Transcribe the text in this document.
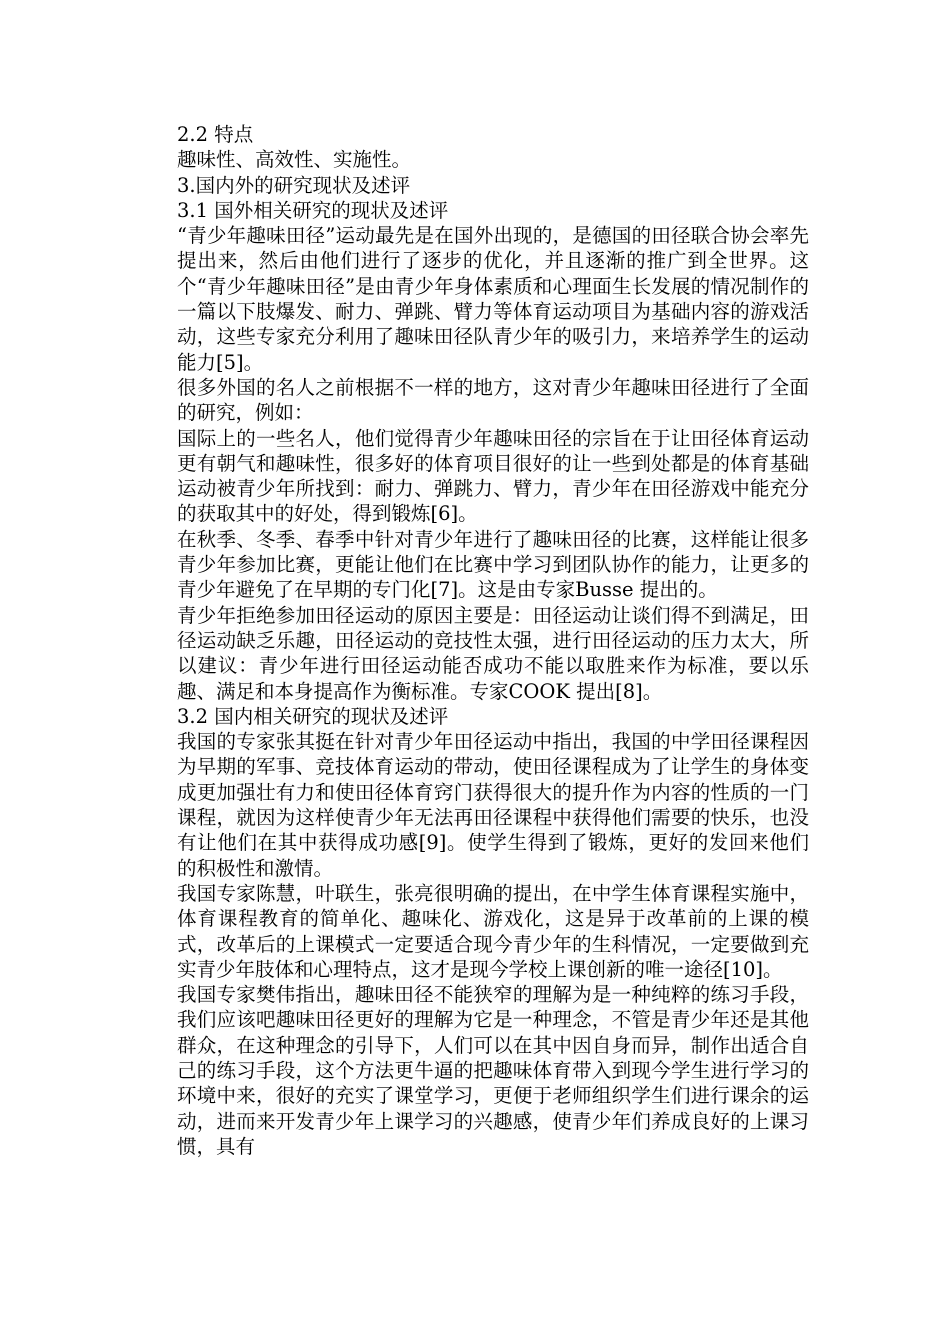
2.2 特点
趣味性、高效性、实施性。
3.国内外的研究现状及述评
3.1 国外相关研究的现状及述评
“青少年趣味田径”运动最先是在国外出现的，是德国的田径联合协会率先提出来，然后由他们进行了逐步的优化，并且逐渐的推广到全世界。这个“青少年趣味田径”是由青少年身体素质和心理面生长发展的情况制作的一篇以下肢爆发、耐力、弹跳、臂力等体育运动项目为基础内容的游戏活动，这些专家充分利用了趣味田径队青少年的吸引力，来培养学生的运动能力[5]。
很多外国的名人之前根据不一样的地方，这对青少年趣味田径进行了全面的研究，例如：
国际上的一些名人，他们觉得青少年趣味田径的宗旨在于让田径体育运动更有朝气和趣味性，很多好的体育项目很好的让一些到处都是的体育基础运动被青少年所找到：耐力、弹跳力、臂力，青少年在田径游戏中能充分的获取其中的好处，得到锻炼[6]。
在秋季、冬季、春季中针对青少年进行了趣味田径的比赛，这样能让很多青少年参加比赛，更能让他们在比赛中学习到团队协作的能力，让更多的青少年避免了在早期的专门化[7]。这是由专家Busse 提出的。
青少年拒绝参加田径运动的原因主要是：田径运动让谈们得不到满足，田径运动缺乏乐趣，田径运动的竞技性太强，进行田径运动的压力太大，所以建议：青少年进行田径运动能否成功不能以取胜来作为标准，要以乐趣、满足和本身提高作为衡标准。专家COOK 提出[8]。
3.2 国内相关研究的现状及述评
我国的专家张其挺在针对青少年田径运动中指出，我国的中学田径课程因为早期的军事、竞技体育运动的带动，使田径课程成为了让学生的身体变成更加强壮有力和使田径体育窍门获得很大的提升作为内容的性质的一门课程，就因为这样使青少年无法再田径课程中获得他们需要的快乐，也没有让他们在其中获得成功感[9]。使学生得到了锻炼，更好的发回来他们的积极性和激情。
我国专家陈慧，叶联生，张亮很明确的提出，在中学生体育课程实施中，体育课程教育的简单化、趣味化、游戏化，这是异于改革前的上课的模式，改革后的上课模式一定要适合现今青少年的生科情况，一定要做到充实青少年肢体和心理特点，这才是现今学校上课创新的唯一途径[10]。
我国专家樊伟指出，趣味田径不能狭窄的理解为是一种纯粹的练习手段，我们应该吧趣味田径更好的理解为它是一种理念，不管是青少年还是其他群众，在这种理念的引导下，人们可以在其中因自身而异，制作出适合自己的练习手段，这个方法更牛逼的把趣味体育带入到现今学生进行学习的环境中来，很好的充实了课堂学习，更便于老师组织学生们进行课余的运动，进而来开发青少年上课学习的兴趣感，使青少年们养成良好的上课习惯，具有
